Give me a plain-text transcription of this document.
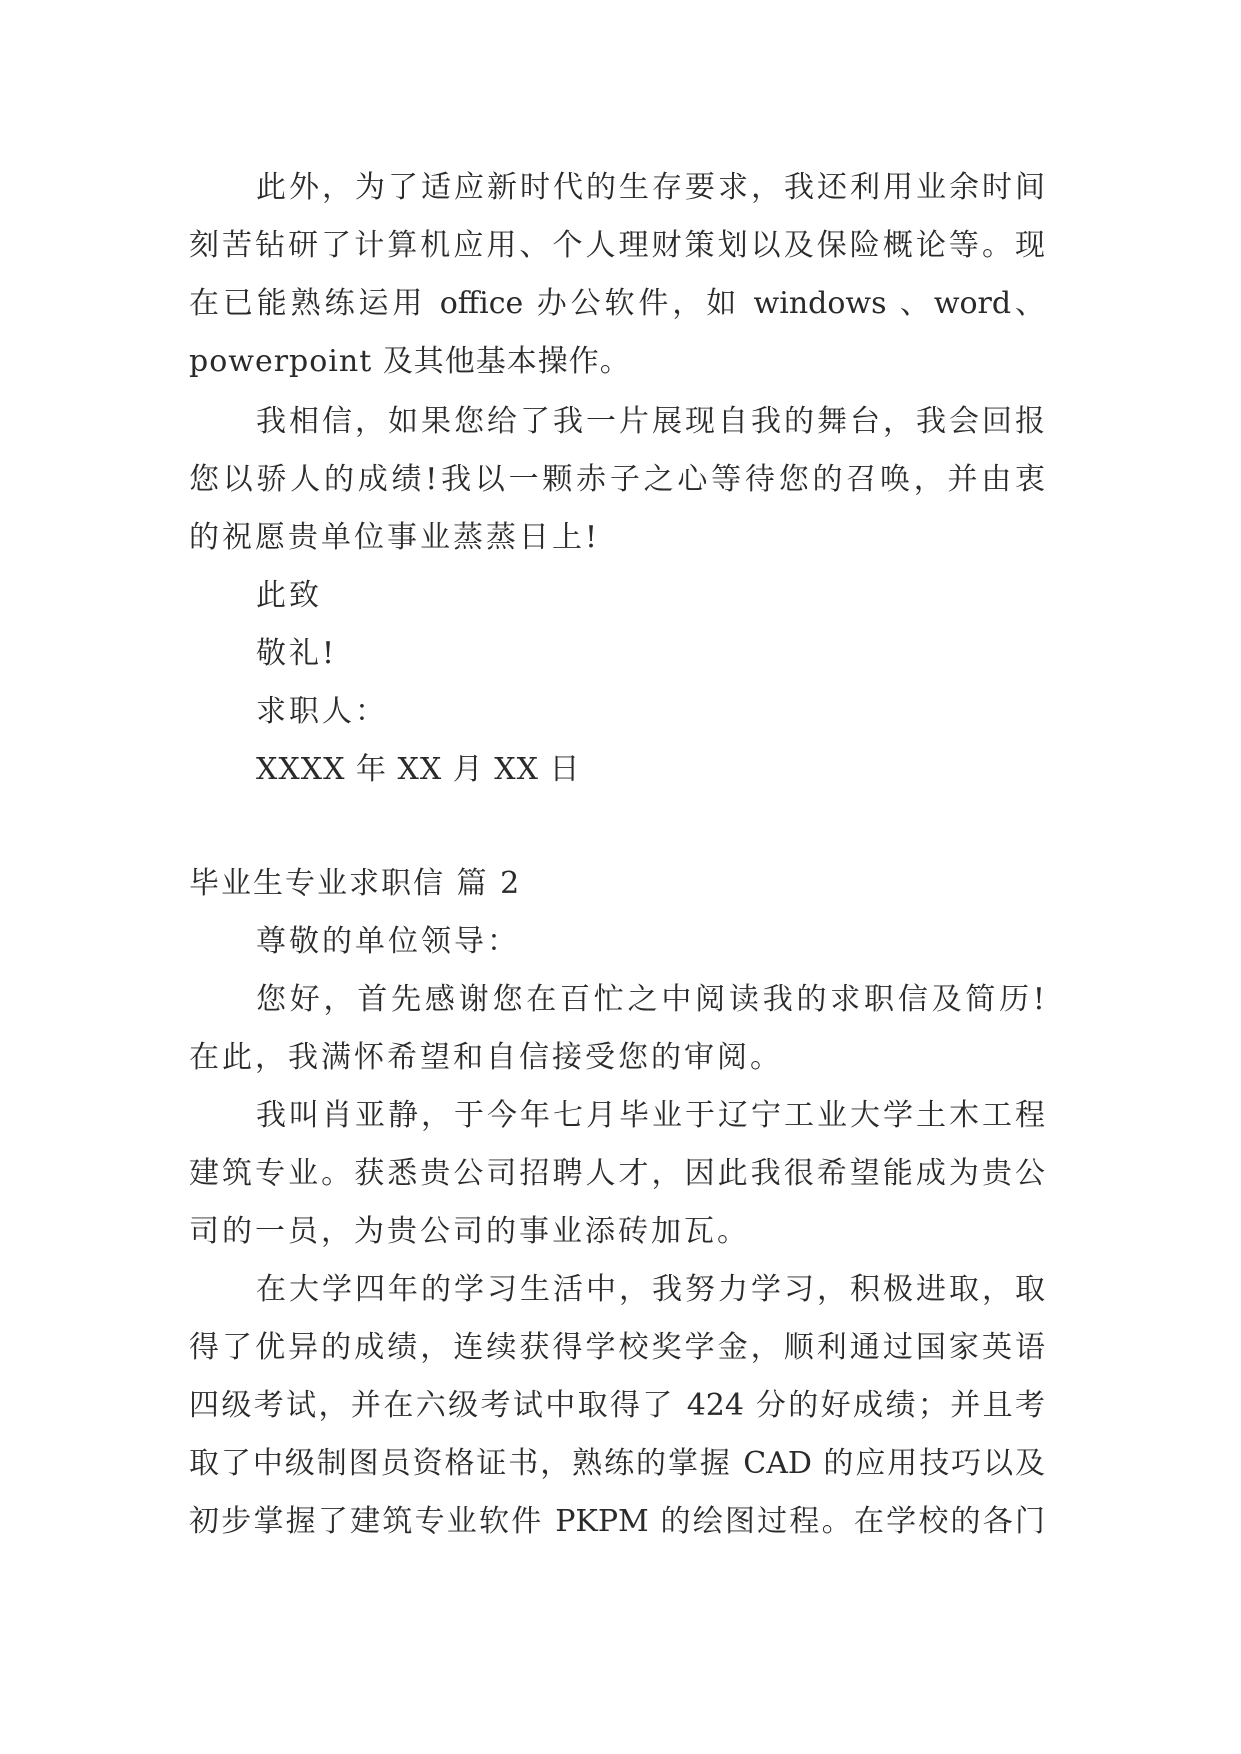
此外，为了适应新时代的生存要求，我还利用业余时间
刻苦钻研了计算机应用、个人理财策划以及保险概论等。现
在已能熟练运用 office 办公软件，如 windows 、word、
powerpoint 及其他基本操作。
我相信，如果您给了我一片展现自我的舞台，我会回报
您以骄人的成绩!我以一颗赤子之心等待您的召唤，并由衷
的祝愿贵单位事业蒸蒸日上!
此致
敬礼!
求职人：
XXXX 年 XX 月 XX 日
毕业生专业求职信 篇 2
尊敬的单位领导：
您好，首先感谢您在百忙之中阅读我的求职信及简历!
在此，我满怀希望和自信接受您的审阅。
我叫肖亚静，于今年七月毕业于辽宁工业大学土木工程
建筑专业。获悉贵公司招聘人才，因此我很希望能成为贵公
司的一员，为贵公司的事业添砖加瓦。
在大学四年的学习生活中，我努力学习，积极进取，取
得了优异的成绩，连续获得学校奖学金，顺利通过国家英语
四级考试，并在六级考试中取得了 424 分的好成绩；并且考
取了中级制图员资格证书，熟练的掌握 CAD 的应用技巧以及
初步掌握了建筑专业软件 PKPM 的绘图过程。在学校的各门
